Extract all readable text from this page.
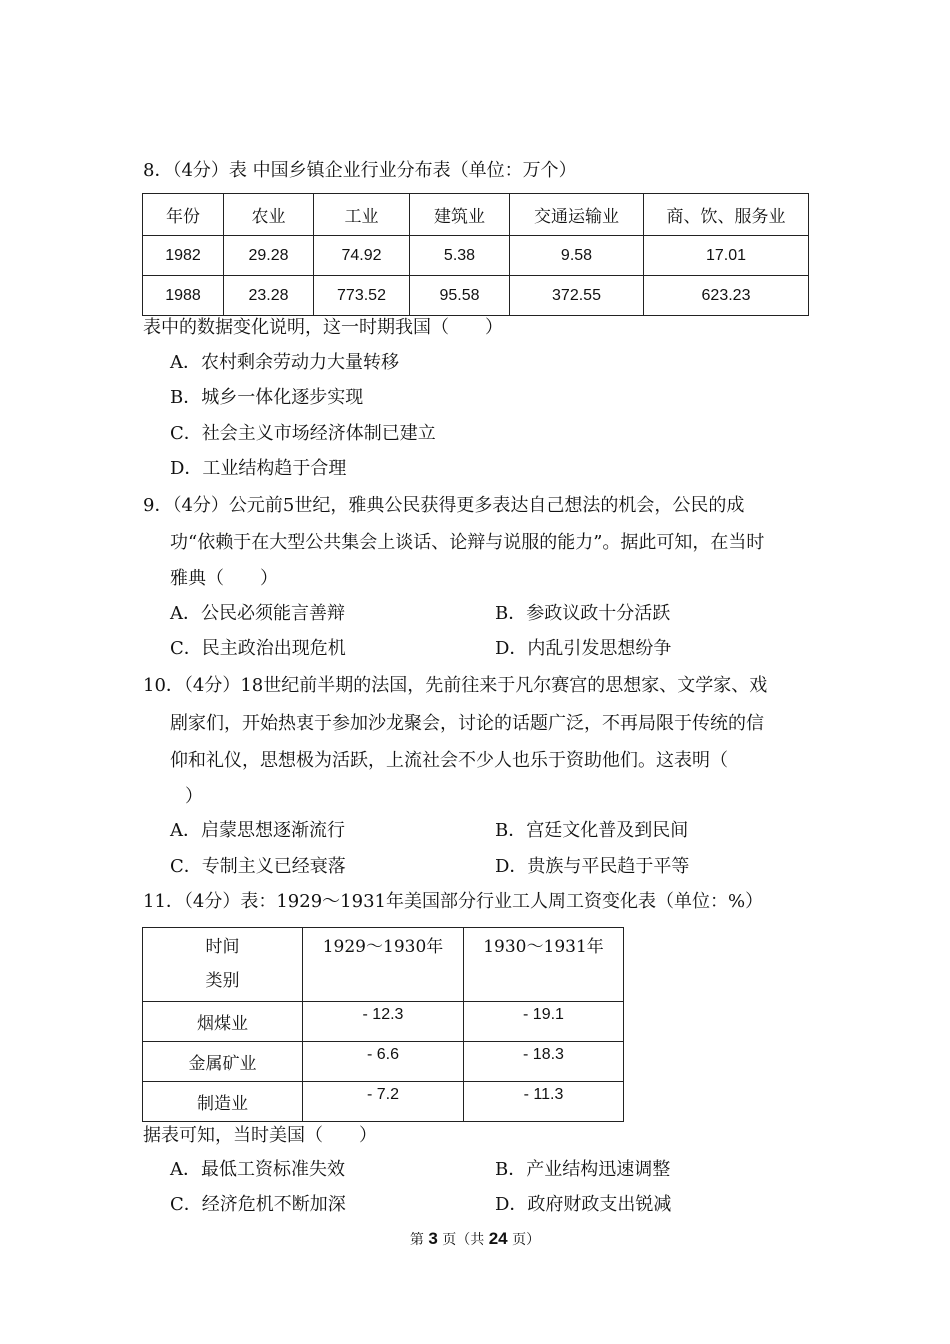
8．（4分）表 中国乡镇企业行业分布表（单位：万个）
年份	农业	工业	建筑业	交通运输业	商、饮、服务业
1982	29.28	74.92	5.38	9.58	17.01
1988	23.28	773.52	95.58	372.55	623.23
表中的数据变化说明，这一时期我国（　　）
A．农村剩余劳动力大量转移
B．城乡一体化逐步实现
C．社会主义市场经济体制已建立
D．工业结构趋于合理
9．（4分）公元前5世纪，雅典公民获得更多表达自己想法的机会，公民的成
功“依赖于在大型公共集会上谈话、论辩与说服的能力”。据此可知，在当时
雅典（　　）
A．公民必须能言善辩	B．参政议政十分活跃
C．民主政治出现危机	D．内乱引发思想纷争
10．（4分）18世纪前半期的法国，先前往来于凡尔赛宫的思想家、文学家、戏
剧家们，开始热衷于参加沙龙聚会，讨论的话题广泛，不再局限于传统的信
仰和礼仪，思想极为活跃，上流社会不少人也乐于资助他们。这表明（
）
A．启蒙思想逐渐流行	B．宫廷文化普及到民间
C．专制主义已经衰落	D．贵族与平民趋于平等
11．（4分）表：1929～1931年美国部分行业工人周工资变化表（单位：%）
时间
类别	1929～1930年	1930～1931年
烟煤业	- 12.3	- 19.1
金属矿业	- 6.6	- 18.3
制造业	- 7.2	- 11.3
据表可知，当时美国（　　）
A．最低工资标准失效	B．产业结构迅速调整
C．经济危机不断加深	D．政府财政支出锐减
第 3 页（共 24 页）
